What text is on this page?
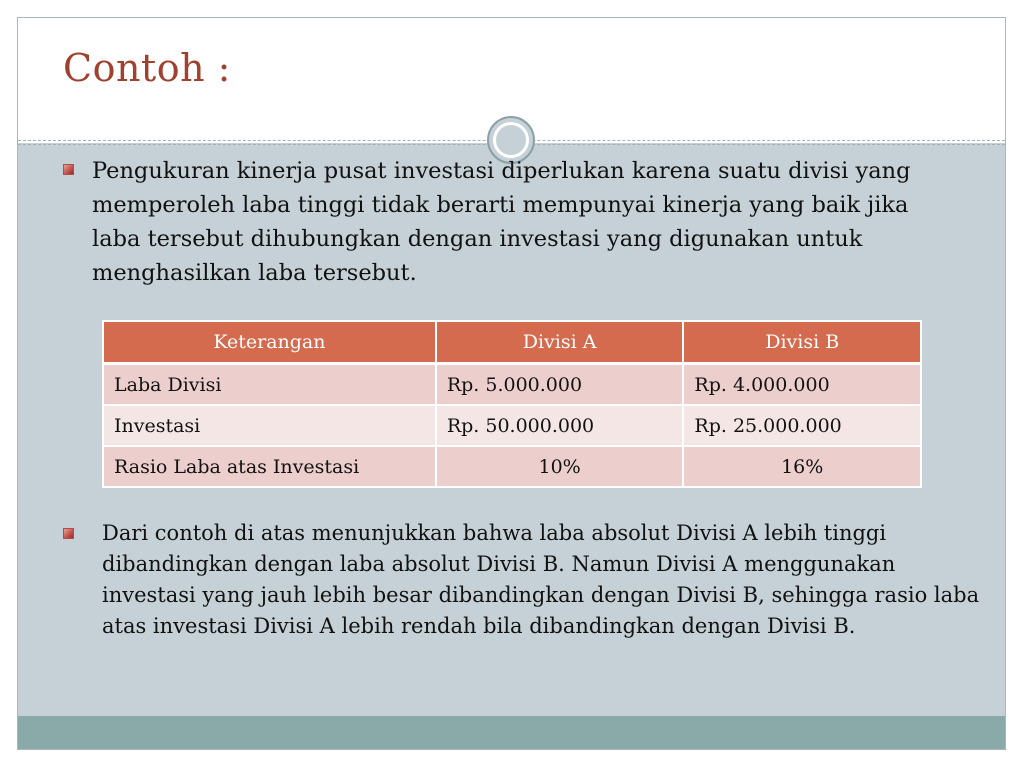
Contoh :

Pengukuran kinerja pusat investasi diperlukan karena suatu divisi yang memperoleh laba tinggi tidak berarti mempunyai kinerja yang baik jika laba tersebut dihubungkan dengan investasi yang digunakan untuk menghasilkan laba tersebut.

Keterangan	Divisi A	Divisi B
Laba Divisi	Rp. 5.000.000	Rp. 4.000.000
Investasi	Rp. 50.000.000	Rp. 25.000.000
Rasio Laba atas Investasi	10%	16%

Dari contoh di atas menunjukkan bahwa laba absolut Divisi A lebih tinggi dibandingkan dengan laba absolut Divisi B. Namun Divisi A menggunakan investasi yang jauh lebih besar dibandingkan dengan Divisi B, sehingga rasio laba atas investasi Divisi A lebih rendah bila dibandingkan dengan Divisi B.
